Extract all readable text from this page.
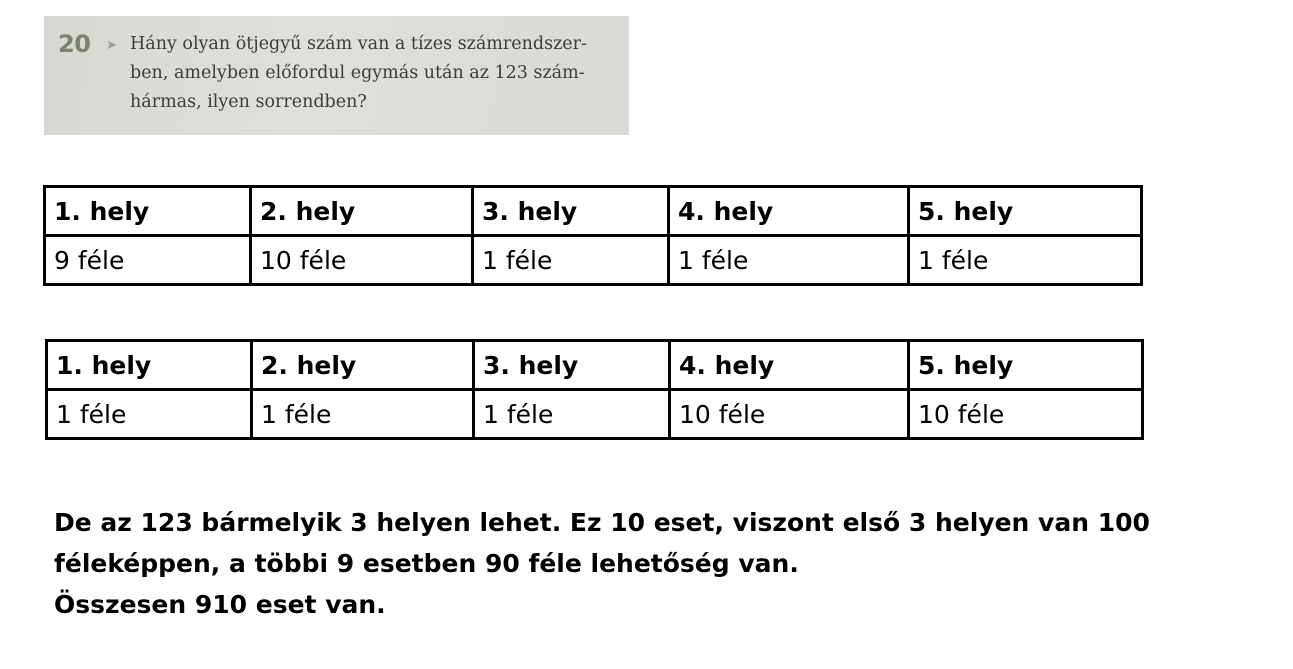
20 ➤ Hány olyan ötjegyű szám van a tízes számrendszer-
ben, amelyben előfordul egymás után az 123 szám-
hármas, ilyen sorrendben?

1. hely	2. hely	3. hely	4. hely	5. hely
9 féle	10 féle	1 féle	1 féle	1 féle
1. hely	2. hely	3. hely	4. hely	5. hely
1 féle	1 féle	1 féle	10 féle	10 féle
De az 123 bármelyik 3 helyen lehet. Ez 10 eset, viszont első 3 helyen van 100
féleképpen, a többi 9 esetben 90 féle lehetőség van.
Összesen 910 eset van.
